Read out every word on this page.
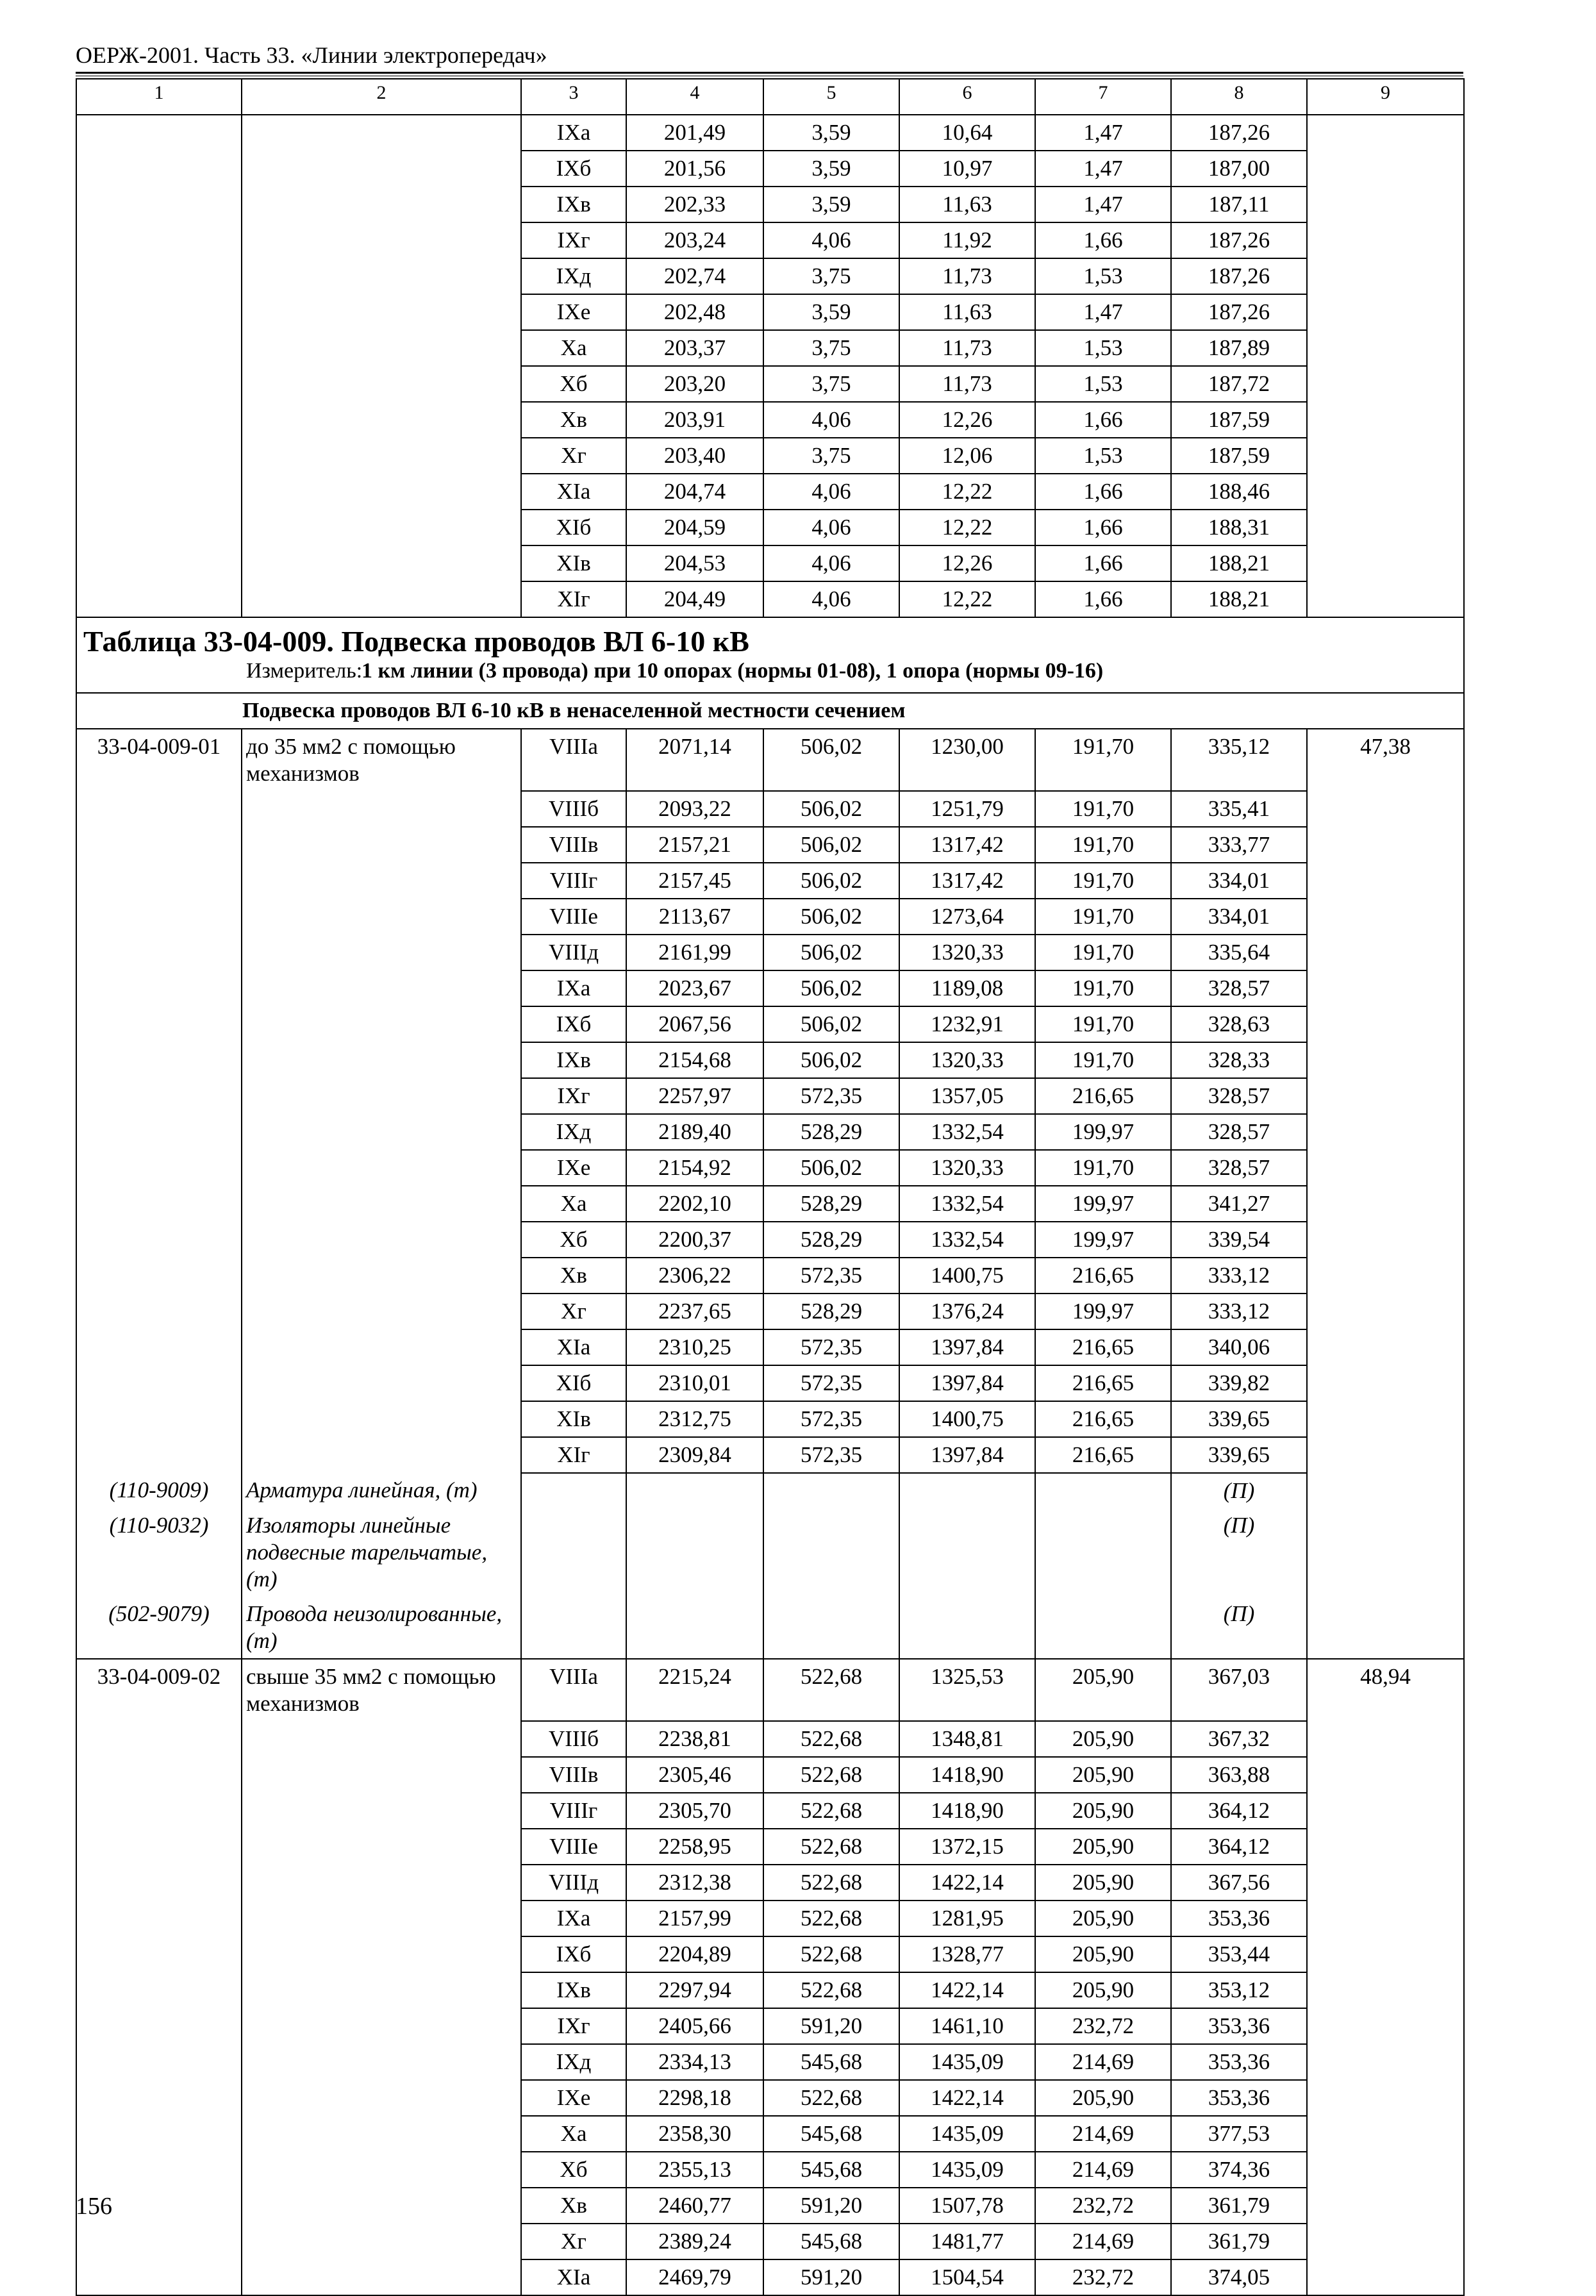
ОЕРЖ-2001. Часть 33. «Линии электропередач»
1	2	3	4	5	6	7	8	9
		IXа	201,49	3,59	10,64	1,47	187,26	
		IXб	201,56	3,59	10,97	1,47	187,00	
		IXв	202,33	3,59	11,63	1,47	187,11	
		IXг	203,24	4,06	11,92	1,66	187,26	
		IXд	202,74	3,75	11,73	1,53	187,26	
		IXе	202,48	3,59	11,63	1,47	187,26	
		Xа	203,37	3,75	11,73	1,53	187,89	
		Xб	203,20	3,75	11,73	1,53	187,72	
		Xв	203,91	4,06	12,26	1,66	187,59	
		Xг	203,40	3,75	12,06	1,53	187,59	
		XIа	204,74	4,06	12,22	1,66	188,46	
		XIб	204,59	4,06	12,22	1,66	188,31	
		XIв	204,53	4,06	12,26	1,66	188,21	
		XIг	204,49	4,06	12,22	1,66	188,21	

Таблица 33-04-009. Подвеска проводов ВЛ 6-10 кВ
Измеритель:
1 км линии (3 провода) при 10 опорах (нормы 01-08), 1 опора (нормы 09-16)								

Подвеска проводов ВЛ 6-10 кВ в ненаселенной местности сечением								
33-04-009-01	до 35 мм2 с помощью механизмов	VIIIа	2071,14	506,02	1230,00	191,70	335,12	47,38
		VIIIб	2093,22	506,02	1251,79	191,70	335,41	
		VIIIв	2157,21	506,02	1317,42	191,70	333,77	
		VIIIг	2157,45	506,02	1317,42	191,70	334,01	
		VIIIе	2113,67	506,02	1273,64	191,70	334,01	
		VIIIд	2161,99	506,02	1320,33	191,70	335,64	
		IXа	2023,67	506,02	1189,08	191,70	328,57	
		IXб	2067,56	506,02	1232,91	191,70	328,63	
		IXв	2154,68	506,02	1320,33	191,70	328,33	
		IXг	2257,97	572,35	1357,05	216,65	328,57	
		IXд	2189,40	528,29	1332,54	199,97	328,57	
		IXе	2154,92	506,02	1320,33	191,70	328,57	
		Xа	2202,10	528,29	1332,54	199,97	341,27	
		Xб	2200,37	528,29	1332,54	199,97	339,54	
		Xв	2306,22	572,35	1400,75	216,65	333,12	
		Xг	2237,65	528,29	1376,24	199,97	333,12	
		XIа	2310,25	572,35	1397,84	216,65	340,06	
		XIб	2310,01	572,35	1397,84	216,65	339,82	
		XIв	2312,75	572,35	1400,75	216,65	339,65	
		XIг	2309,84	572,35	1397,84	216,65	339,65	
(110-9009)	Арматура линейная, (т)						(П)	
(110-9032)	Изоляторы линейные подвесные тарельчатые, (т)						(П)	
(502-9079)	Провода неизолированные, (т)						(П)	
33-04-009-02	свыше 35 мм2 с помощью механизмов	VIIIа	2215,24	522,68	1325,53	205,90	367,03	48,94
		VIIIб	2238,81	522,68	1348,81	205,90	367,32	
		VIIIв	2305,46	522,68	1418,90	205,90	363,88	
		VIIIг	2305,70	522,68	1418,90	205,90	364,12	
		VIIIе	2258,95	522,68	1372,15	205,90	364,12	
		VIIIд	2312,38	522,68	1422,14	205,90	367,56	
		IXа	2157,99	522,68	1281,95	205,90	353,36	
		IXб	2204,89	522,68	1328,77	205,90	353,44	
		IXв	2297,94	522,68	1422,14	205,90	353,12	
		IXг	2405,66	591,20	1461,10	232,72	353,36	
		IXд	2334,13	545,68	1435,09	214,69	353,36	
		IXе	2298,18	522,68	1422,14	205,90	353,36	
		Xа	2358,30	545,68	1435,09	214,69	377,53	
		Xб	2355,13	545,68	1435,09	214,69	374,36	
		Xв	2460,77	591,20	1507,78	232,72	361,79	
		Xг	2389,24	545,68	1481,77	214,69	361,79	
		XIа	2469,79	591,20	1504,54	232,72	374,05	
156
